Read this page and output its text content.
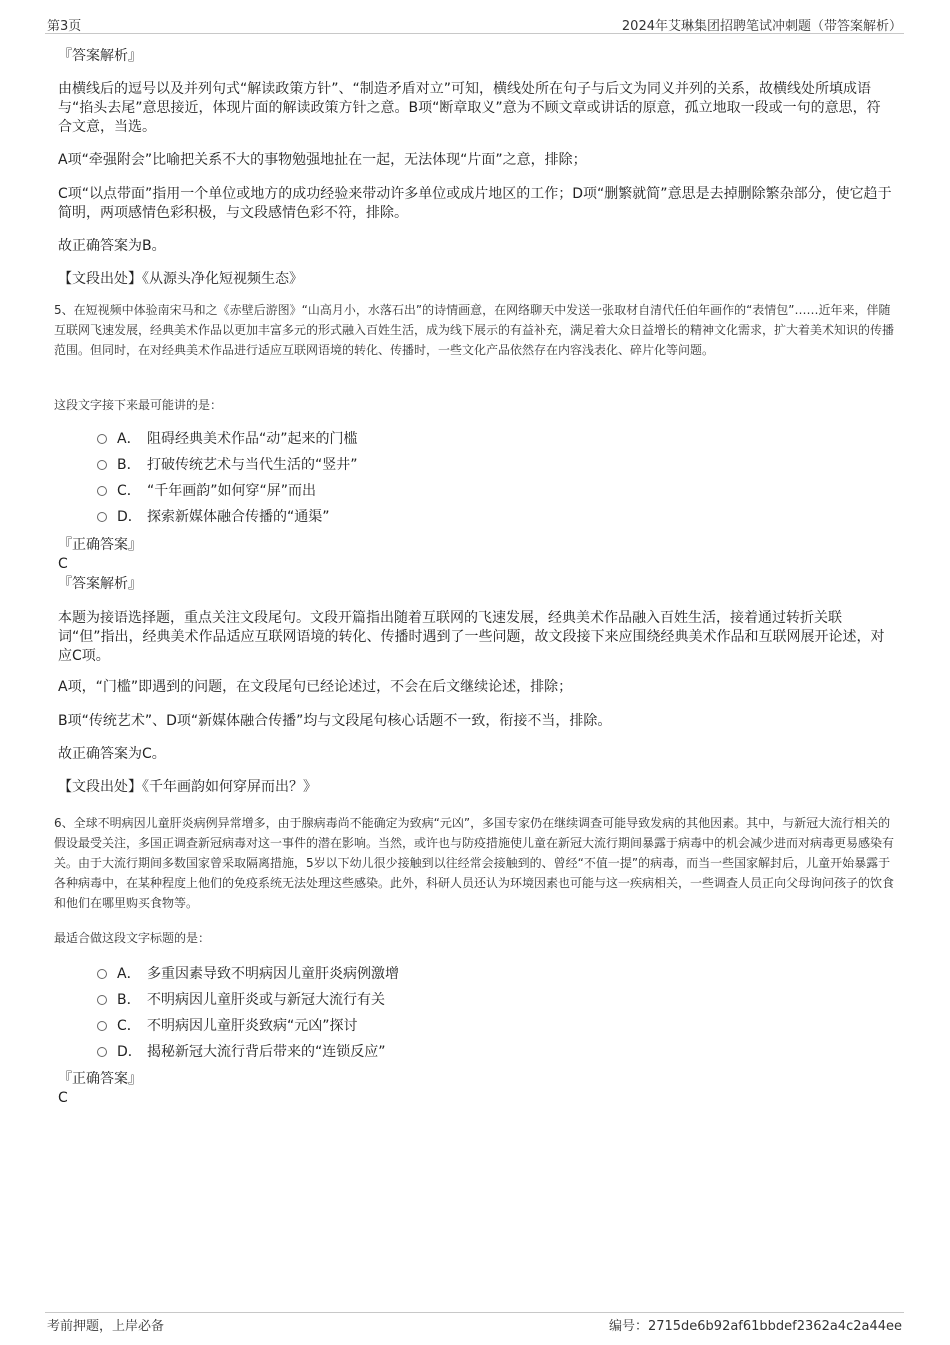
第3页	2024年艾琳集团招聘笔试冲刺题（带答案解析）
『答案解析』
由横线后的逗号以及并列句式“解读政策方针”、“制造矛盾对立”可知，横线处所在句子与后文为同义并列的关系，故横线处所填成语与“掐头去尾”意思接近，体现片面的解读政策方针之意。B项“断章取义”意为不顾文章或讲话的原意，孤立地取一段或一句的意思，符合文意，当选。
A项“牵强附会”比喻把关系不大的事物勉强地扯在一起，无法体现“片面”之意，排除；
C项“以点带面”指用一个单位或地方的成功经验来带动许多单位或成片地区的工作；D项“删繁就简”意思是去掉删除繁杂部分，使它趋于简明，两项感情色彩积极，与文段感情色彩不符，排除。
故正确答案为B。
【文段出处】《从源头净化短视频生态》
5、在短视频中体验南宋马和之《赤壁后游图》“山高月小，水落石出”的诗情画意，在网络聊天中发送一张取材自清代任伯年画作的“表情包”……近年来，伴随互联网飞速发展，经典美术作品以更加丰富多元的形式融入百姓生活，成为线下展示的有益补充，满足着大众日益增长的精神文化需求，扩大着美术知识的传播范围。但同时，在对经典美术作品进行适应互联网语境的转化、传播时，一些文化产品依然存在内容浅表化、碎片化等问题。
这段文字接下来最可能讲的是：
A． 阻碍经典美术作品“动”起来的门槛
B． 打破传统艺术与当代生活的“竖井”
C． “千年画韵”如何穿“屏”而出
D． 探索新媒体融合传播的“通渠”
『正确答案』
C
『答案解析』
本题为接语选择题，重点关注文段尾句。文段开篇指出随着互联网的飞速发展，经典美术作品融入百姓生活，接着通过转折关联词“但”指出，经典美术作品适应互联网语境的转化、传播时遇到了一些问题，故文段接下来应围绕经典美术作品和互联网展开论述，对应C项。
A项，“门槛”即遇到的问题，在文段尾句已经论述过，不会在后文继续论述，排除；
B项“传统艺术”、D项“新媒体融合传播”均与文段尾句核心话题不一致，衔接不当，排除。
故正确答案为C。
【文段出处】《千年画韵如何穿屏而出？》
6、全球不明病因儿童肝炎病例异常增多，由于腺病毒尚不能确定为致病“元凶”，多国专家仍在继续调查可能导致发病的其他因素。其中，与新冠大流行相关的假设最受关注，多国正调查新冠病毒对这一事件的潜在影响。当然，或许也与防疫措施使儿童在新冠大流行期间暴露于病毒中的机会减少进而对病毒更易感染有关。由于大流行期间多数国家曾采取隔离措施，5岁以下幼儿很少接触到以往经常会接触到的、曾经“不值一提”的病毒，而当一些国家解封后，儿童开始暴露于各种病毒中，在某种程度上他们的免疫系统无法处理这些感染。此外，科研人员还认为环境因素也可能与这一疾病相关，一些调查人员正向父母询问孩子的饮食和他们在哪里购买食物等。
最适合做这段文字标题的是：
A． 多重因素导致不明病因儿童肝炎病例激增
B． 不明病因儿童肝炎或与新冠大流行有关
C． 不明病因儿童肝炎致病“元凶”探讨
D． 揭秘新冠大流行背后带来的“连锁反应”
『正确答案』
C
考前押题，上岸必备	编号：2715de6b92af61bbdef2362a4c2a44ee
